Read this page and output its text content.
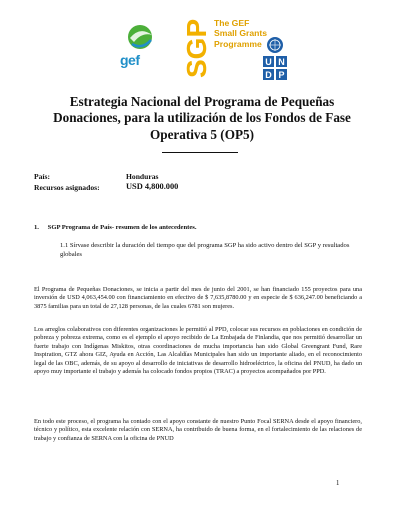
gef SGP The GEF
Small Grants
Programme
U N
D P
Estrategia Nacional del Programa de Pequeñas Donaciones, para la utilización de los Fondos de Fase Operativa 5 (OP5)
País:	Honduras
Recursos asignados:	USD 4,800.000
1. SGP Programa de País- resumen de los antecedentes.
1.1 Sírvase describir la duración del tiempo que del programa SGP ha sido activo dentro del SGP y resultados globales
El Programa de Pequeñas Donaciones, se inicia a partir del mes de junio del 2001, se han financiado 155 proyectos para una inversión de USD 4,063,454.00 con financiamiento en efectivo de $ 7,635,8780.00 y en especie de $ 636,247.00 beneficiando a 3875 familias para un total de 27,128 personas, de las cuales 6781 son mujeres.
Los arreglos colaborativos con diferentes organizaciones le permitió al PPD, colocar sus recursos en poblaciones en condición de pobreza y pobreza extrema, como es el ejemplo el apoyo recibido de La Embajada de Finlandia, que nos permitió desarrollar un fuerte trabajo con Indígenas Miskitos, otras coordinaciones de mucha importancia han sido Global Greengrant Fund, Rare Inspiration, GTZ ahora GIZ, Ayuda en Acción, Las Alcaldías Municipales han sido un importante aliado, en el reconocimiento legal de las OBC, además, de su apoyo al desarrollo de iniciativas de desarrollo hidroeléctrico, la oficina del PNUD, ha dado un apoyo muy importante el trabajo y además ha colocado fondos propios (TRAC) a proyectos acompañados por PPD.
En todo este proceso, el programa ha contado con el apoyo constante de nuestro Punto Focal SERNA desde el apoyo financiero, técnico y político, esta excelente relación con SERNA, ha contribuido de buena forma, en el fortalecimiento de las relaciones de trabajo y confianza de SERNA con la oficina de PNUD
1
